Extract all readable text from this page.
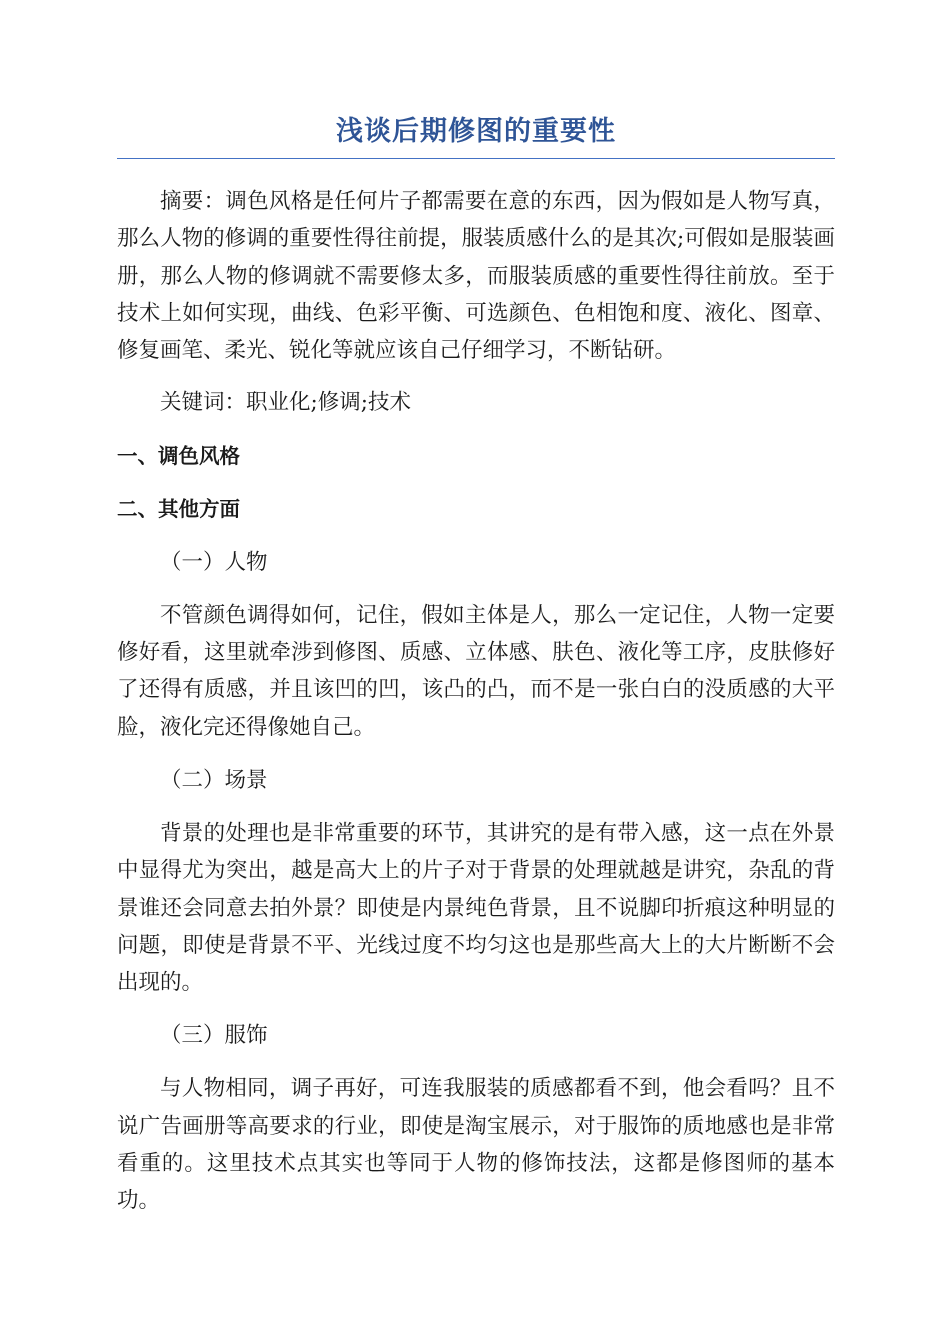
浅谈后期修图的重要性

摘要：调色风格是任何片子都需要在意的东西，因为假如是人物写真，那么人物的修调的重要性得往前提，服装质感什么的是其次;可假如是服装画册，那么人物的修调就不需要修太多，而服装质感的重要性得往前放。至于技术上如何实现，曲线、色彩平衡、可选颜色、色相饱和度、液化、图章、修复画笔、柔光、锐化等就应该自己仔细学习，不断钻研。

关键词：职业化;修调;技术

一、调色风格
二、其他方面
（一）人物

不管颜色调得如何，记住，假如主体是人，那么一定记住，人物一定要修好看，这里就牵涉到修图、质感、立体感、肤色、液化等工序，皮肤修好了还得有质感，并且该凹的凹，该凸的凸，而不是一张白白的没质感的大平脸，液化完还得像她自己。

（二）场景

背景的处理也是非常重要的环节，其讲究的是有带入感，这一点在外景中显得尤为突出，越是高大上的片子对于背景的处理就越是讲究，杂乱的背景谁还会同意去拍外景？即使是内景纯色背景，且不说脚印折痕这种明显的问题，即使是背景不平、光线过度不均匀这也是那些高大上的大片断断不会出现的。

（三）服饰

与人物相同，调子再好，可连我服装的质感都看不到，他会看吗？且不说广告画册等高要求的行业，即使是淘宝展示，对于服饰的质地感也是非常看重的。这里技术点其实也等同于人物的修饰技法，这都是修图师的基本功。
